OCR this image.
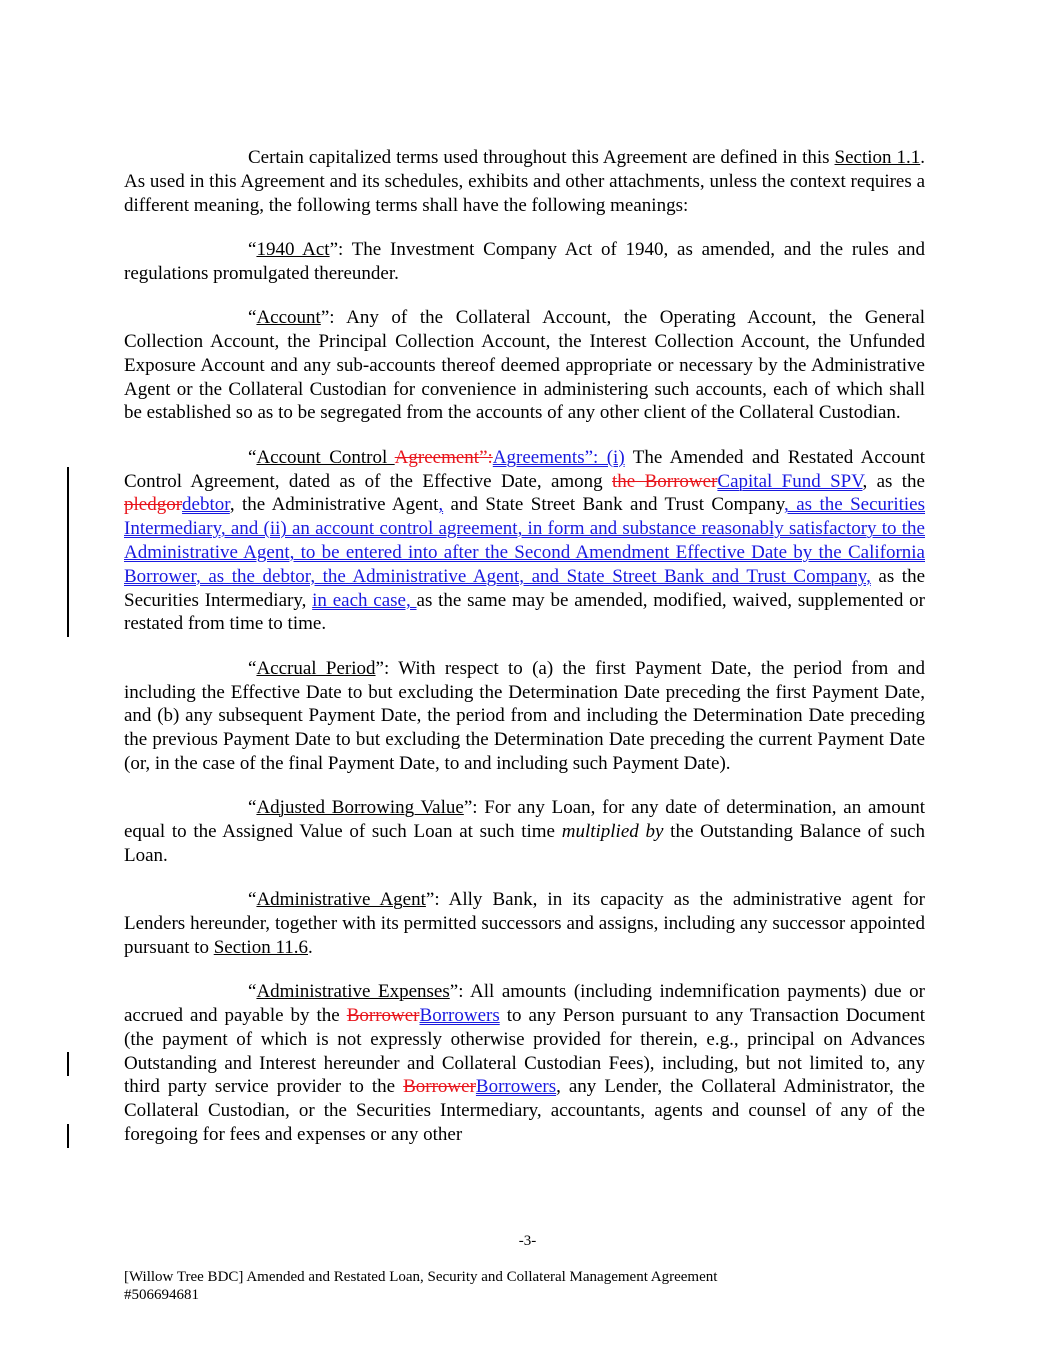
Certain capitalized terms used throughout this Agreement are defined in this Section 1.1. As used in this Agreement and its schedules, exhibits and other attachments, unless the context requires a different meaning, the following terms shall have the following meanings:

“1940 Act”: The Investment Company Act of 1940, as amended, and the rules and regulations promulgated thereunder.

“Account”: Any of the Collateral Account, the Operating Account, the General Collection Account, the Principal Collection Account, the Interest Collection Account, the Unfunded Exposure Account and any sub-accounts thereof deemed appropriate or necessary by the Administrative Agent or the Collateral Custodian for convenience in administering such accounts, each of which shall be established so as to be segregated from the accounts of any other client of the Collateral Custodian.

“Account Control Agreement”:Agreements”: (i) The Amended and Restated Account Control Agreement, dated as of the Effective Date, among the BorrowerCapital Fund SPV, as the pledgordebtor, the Administrative Agent, and State Street Bank and Trust Company, as the Securities Intermediary, and (ii) an account control agreement, in form and substance reasonably satisfactory to the Administrative Agent, to be entered into after the Second Amendment Effective Date by the California Borrower, as the debtor, the Administrative Agent, and State Street Bank and Trust Company, as the Securities Intermediary, in each case, as the same may be amended, modified, waived, supplemented or restated from time to time.

“Accrual Period”: With respect to (a) the first Payment Date, the period from and including the Effective Date to but excluding the Determination Date preceding the first Payment Date, and (b) any subsequent Payment Date, the period from and including the Determination Date preceding the previous Payment Date to but excluding the Determination Date preceding the current Payment Date (or, in the case of the final Payment Date, to and including such Payment Date).

“Adjusted Borrowing Value”: For any Loan, for any date of determination, an amount equal to the Assigned Value of such Loan at such time multiplied by the Outstanding Balance of such Loan.

“Administrative Agent”: Ally Bank, in its capacity as the administrative agent for Lenders hereunder, together with its permitted successors and assigns, including any successor appointed pursuant to Section 11.6.

“Administrative Expenses”: All amounts (including indemnification payments) due or accrued and payable by the BorrowerBorrowers to any Person pursuant to any Transaction Document (the payment of which is not expressly otherwise provided for therein, e.g., principal on Advances Outstanding and Interest hereunder and Collateral Custodian Fees), including, but not limited to, any third party service provider to the BorrowerBorrowers, any Lender, the Collateral Administrator, the Collateral Custodian, or the Securities Intermediary, accountants, agents and counsel of any of the foregoing for fees and expenses or any other

-3-
[Willow Tree BDC] Amended and Restated Loan, Security and Collateral Management Agreement
#506694681
